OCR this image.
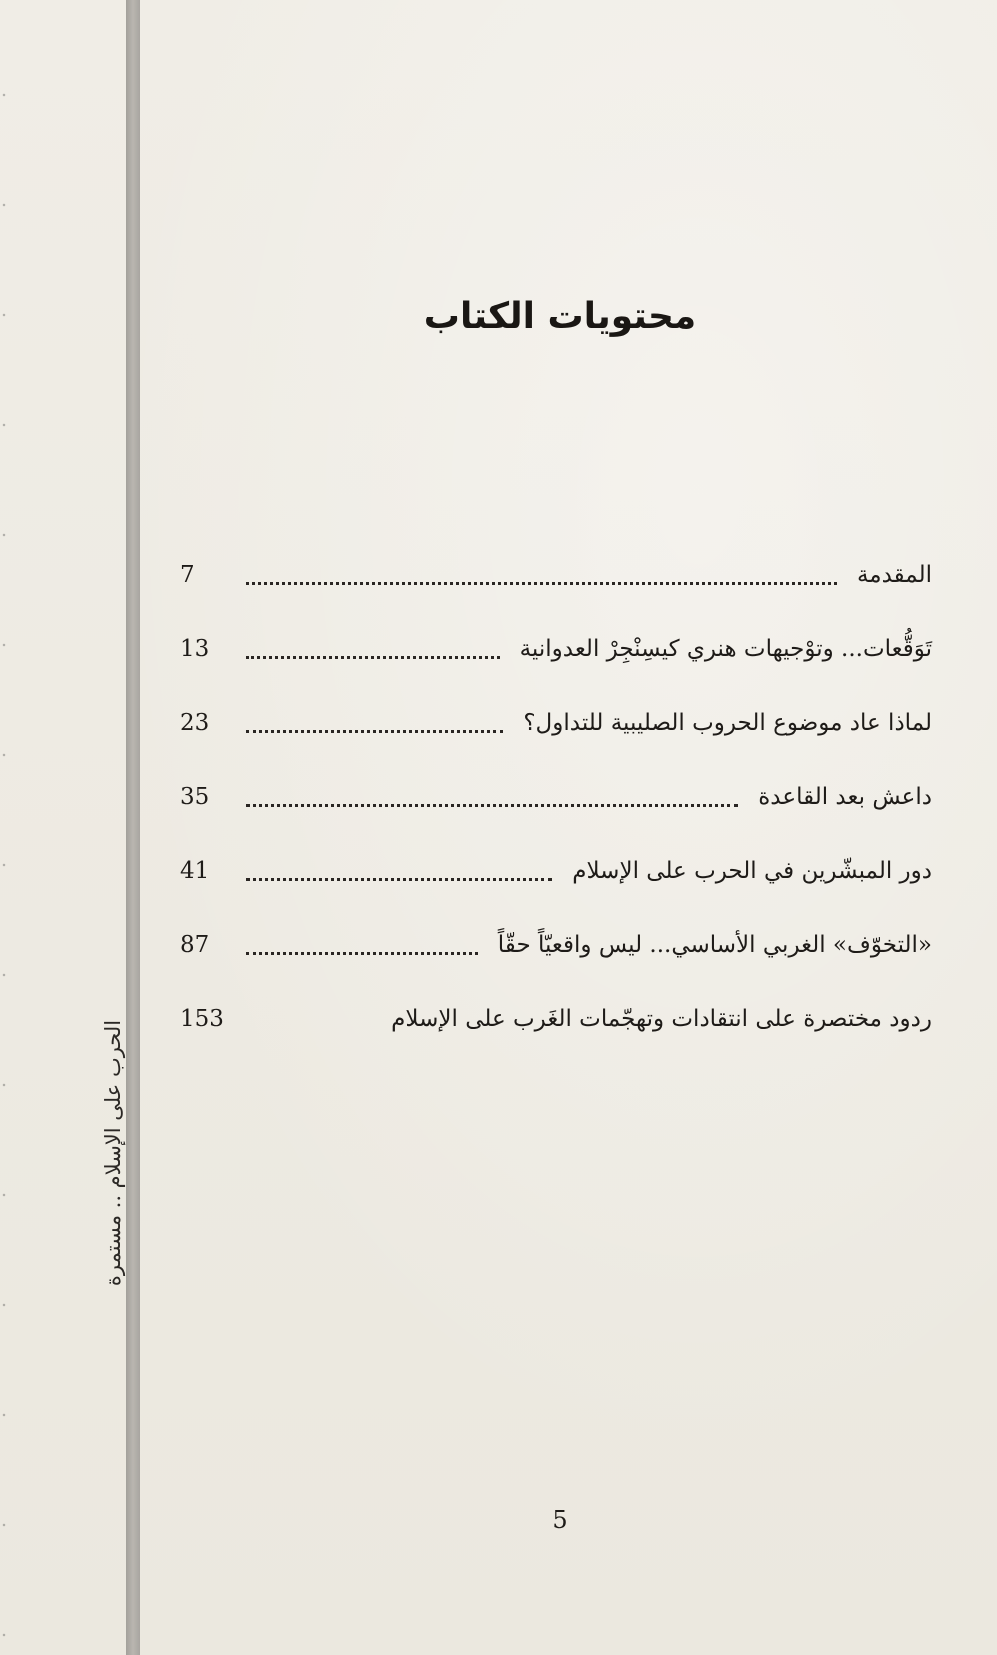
الحرب على الإسلام .. مستمرة
محتويات الكتاب
المقدمة
7
تَوَقُّعات... وتوْجيهات هنري كيسِنْجِرْ العدوانية
13
لماذا عاد موضوع الحروب الصليبية للتداول؟
23
داعش بعد القاعدة
35
دور المبشّرين في الحرب على الإسلام
41
«التخوّف» الغربي الأساسي... ليس واقعيّاً حقّاً
87
ردود مختصرة على انتقادات وتهجّمات الغَرب على الإسلام
153
5
